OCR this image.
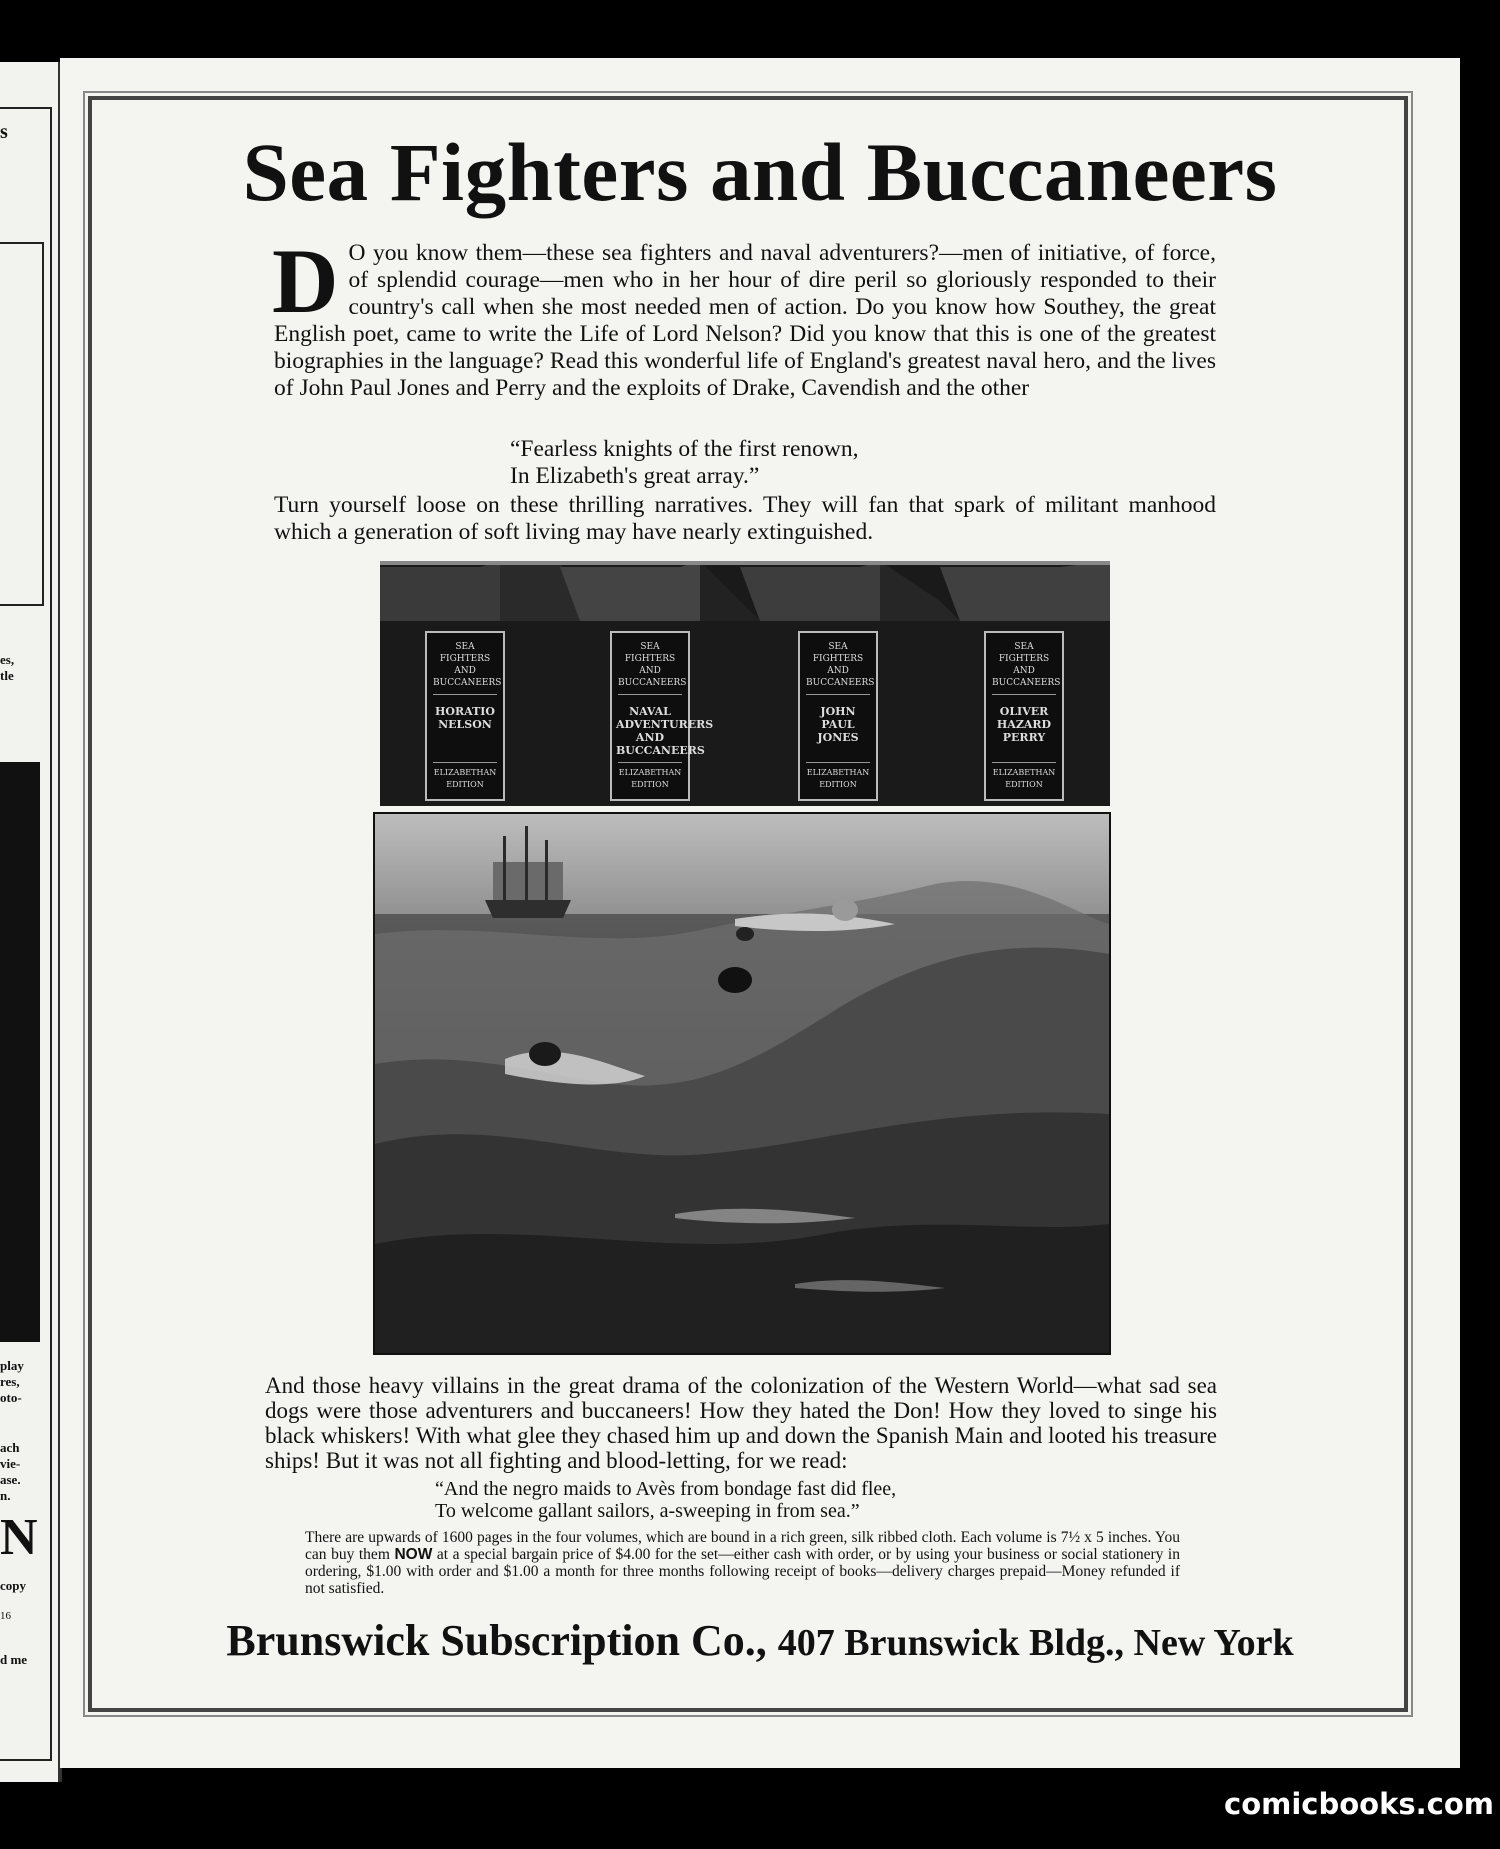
s
es,
tle
play
res,
oto-
ach
vie-
ase.
n.
N
copy
16
d me
Sea Fighters and Buccaneers

D O you know them—these sea fighters and naval adventurers?—men of initiative, of force, of splendid courage—men who in her hour of dire peril so gloriously responded to their country's call when she most needed men of action. Do you know how Southey, the great English poet, came to write the Life of Lord Nelson? Did you know that this is one of the greatest biographies in the language? Read this wonderful life of England's greatest naval hero, and the lives of John Paul Jones and Perry and the exploits of Drake, Cavendish and the other

“Fearless knights of the first renown,
In Elizabeth's great array.”

Turn yourself loose on these thrilling narratives. They will fan that spark of militant manhood which a generation of soft living may have nearly extinguished.

SEA FIGHTERS AND BUCCANEERS
HORATIO NELSON
ELIZABETHAN EDITION
SEA FIGHTERS AND BUCCANEERS
NAVAL ADVENTURERS AND BUCCANEERS
ELIZABETHAN EDITION
SEA FIGHTERS AND BUCCANEERS
JOHN PAUL JONES
ELIZABETHAN EDITION
SEA FIGHTERS AND BUCCANEERS
OLIVER HAZARD PERRY
ELIZABETHAN EDITION

And those heavy villains in the great drama of the colonization of the Western World—what sad sea dogs were those adventurers and buccaneers! How they hated the Don! How they loved to singe his black whiskers! With what glee they chased him up and down the Spanish Main and looted his treasure ships! But it was not all fighting and blood-letting, for we read:

“And the negro maids to Avès from bondage fast did flee,
To welcome gallant sailors, a-sweeping in from sea.”

There are upwards of 1600 pages in the four volumes, which are bound in a rich green, silk ribbed cloth. Each volume is 7½ x 5 inches. You can buy them NOW at a special bargain price of $4.00 for the set—either cash with order, or by using your business or social stationery in ordering, $1.00 with order and $1.00 a month for three months following receipt of books—delivery charges prepaid—Money refunded if not satisfied.

Brunswick Subscription Co., 407 Brunswick Bldg., New York

comicbooks.com
